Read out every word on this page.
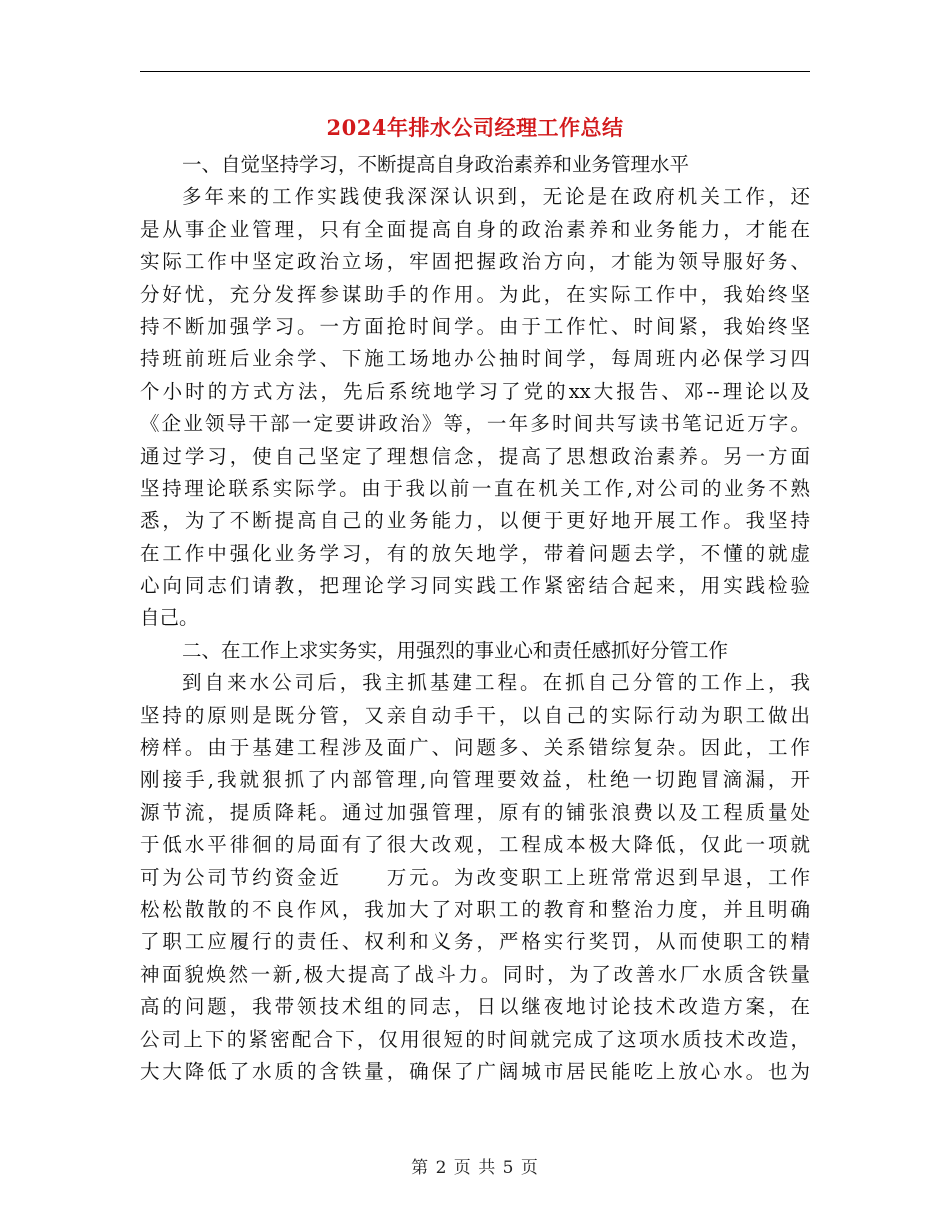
2024年排水公司经理工作总结
一、自觉坚持学习，不断提高自身政治素养和业务管理水平
多年来的工作实践使我深深认识到，无论是在政府机关工作，还
是从事企业管理，只有全面提高自身的政治素养和业务能力，才能在
实际工作中坚定政治立场，牢固把握政治方向，才能为领导服好务、
分好忧，充分发挥参谋助手的作用。为此，在实际工作中，我始终坚
持不断加强学习。一方面抢时间学。由于工作忙、时间紧，我始终坚
持班前班后业余学、下施工场地办公抽时间学，每周班内必保学习四
个小时的方式方法，先后系统地学习了党的xx大报告、邓--理论以及
《企业领导干部一定要讲政治》等，一年多时间共写读书笔记近万字。
通过学习，使自己坚定了理想信念，提高了思想政治素养。另一方面
坚持理论联系实际学。由于我以前一直在机关工作,对公司的业务不熟
悉，为了不断提高自己的业务能力，以便于更好地开展工作。我坚持
在工作中强化业务学习，有的放矢地学，带着问题去学，不懂的就虚
心向同志们请教，把理论学习同实践工作紧密结合起来，用实践检验
自己。
二、在工作上求实务实，用强烈的事业心和责任感抓好分管工作
到自来水公司后，我主抓基建工程。在抓自己分管的工作上，我
坚持的原则是既分管，又亲自动手干，以自己的实际行动为职工做出
榜样。由于基建工程涉及面广、问题多、关系错综复杂。因此，工作
刚接手,我就狠抓了内部管理,向管理要效益，杜绝一切跑冒滴漏，开
源节流，提质降耗。通过加强管理，原有的铺张浪费以及工程质量处
于低水平徘徊的局面有了很大改观，工程成本极大降低，仅此一项就
可为公司节约资金近　　万元。为改变职工上班常常迟到早退，工作
松松散散的不良作风，我加大了对职工的教育和整治力度，并且明确
了职工应履行的责任、权利和义务，严格实行奖罚，从而使职工的精
神面貌焕然一新,极大提高了战斗力。同时，为了改善水厂水质含铁量
高的问题，我带领技术组的同志，日以继夜地讨论技术改造方案，在
公司上下的紧密配合下，仅用很短的时间就完成了这项水质技术改造，
大大降低了水质的含铁量，确保了广阔城市居民能吃上放心水。也为
第 2 页 共 5 页
